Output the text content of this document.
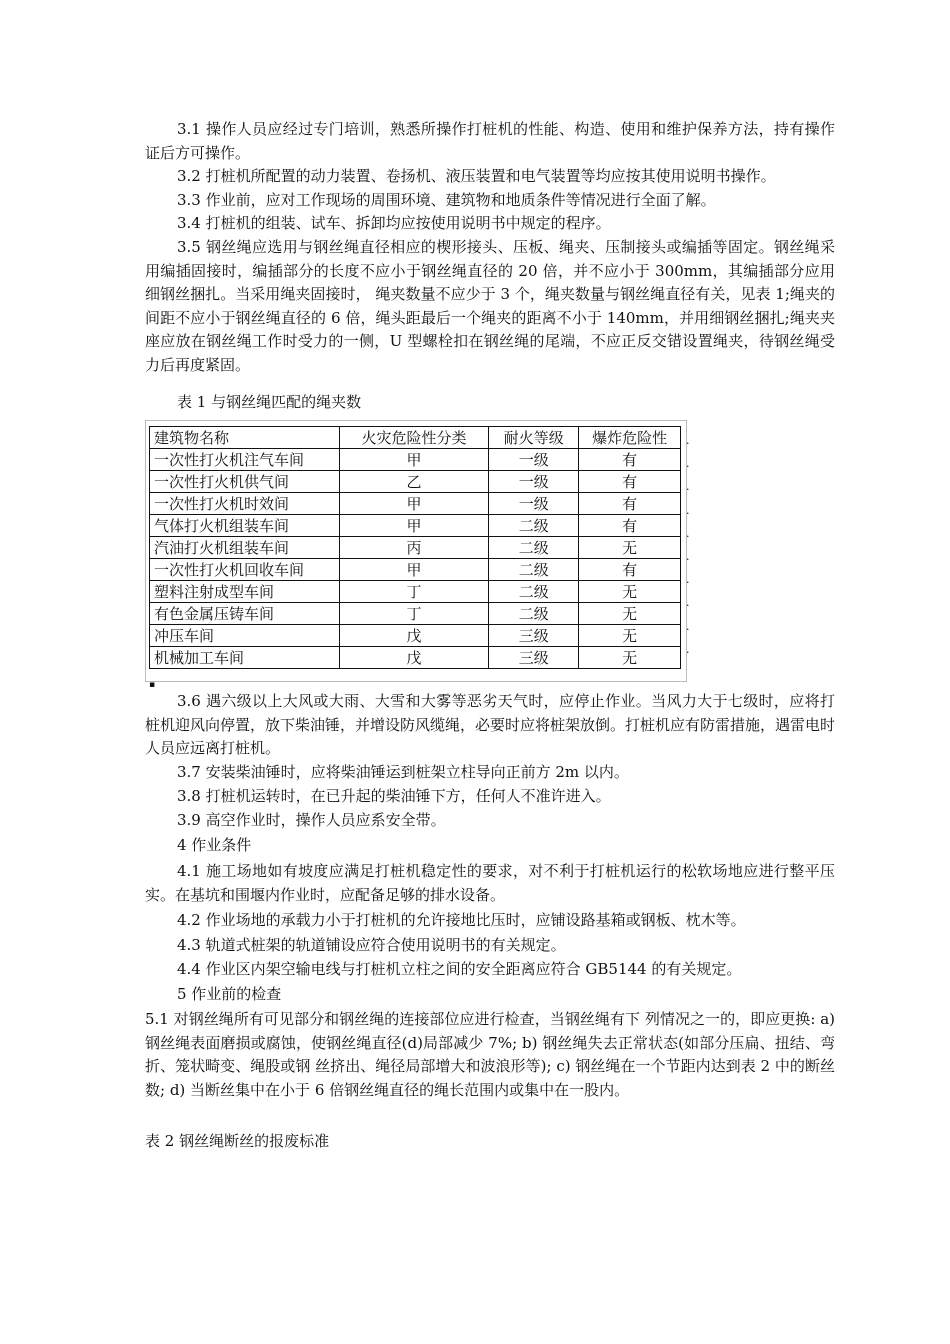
3.1 操作人员应经过专门培训，熟悉所操作打桩机的性能、构造、使用和维护保养方法，持有操作证后方可操作。

3.2 打桩机所配置的动力装置、卷扬机、液压装置和电气装置等均应按其使用说明书操作。

3.3 作业前，应对工作现场的周围环境、建筑物和地质条件等情况进行全面了解。

3.4 打桩机的组装、试车、拆卸均应按使用说明书中规定的程序。

3.5 钢丝绳应选用与钢丝绳直径相应的楔形接头、压板、绳夹、压制接头或编插等固定。钢丝绳采用编插固接时，编插部分的长度不应小于钢丝绳直径的 20 倍，并不应小于 300mm，其编插部分应用细钢丝捆扎。当采用绳夹固接时， 绳夹数量不应少于 3 个，绳夹数量与钢丝绳直径有关，见表 1;绳夹的间距不应小于钢丝绳直径的 6 倍，绳头距最后一个绳夹的距离不小于 140mm，并用细钢丝捆扎;绳夹夹座应放在钢丝绳工作时受力的一侧，U 型螺栓扣在钢丝绳的尾端，不应正反交错设置绳夹，待钢丝绳受力后再度紧固。

表 1 与钢丝绳匹配的绳夹数
建筑物名称	火灾危险性分类	耐火等级	爆炸危险性
一次性打火机注气车间	甲	一级	有
一次性打火机供气间	乙	一级	有
一次性打火机时效间	甲	一级	有
气体打火机组装车间	甲	二级	有
汽油打火机组装车间	丙	二级	无
一次性打火机回收车间	甲	二级	有
塑料注射成型车间	丁	二级	无
有色金属压铸车间	丁	二级	无
冲压车间	戊	三级	无
机械加工车间	戊	三级	无
·
·
·
·
·
·
·
·
·
·
▪

3.6 遇六级以上大风或大雨、大雪和大雾等恶劣天气时，应停止作业。当风力大于七级时，应将打桩机迎风向停置，放下柴油锤，并增设防风缆绳，必要时应将桩架放倒。打桩机应有防雷措施，遇雷电时人员应远离打桩机。

3.7 安装柴油锤时，应将柴油锤运到桩架立柱导向正前方 2m 以内。

3.8 打桩机运转时，在已升起的柴油锤下方，任何人不准许进入。

3.9 高空作业时，操作人员应系安全带。

4 作业条件

4.1 施工场地如有坡度应满足打桩机稳定性的要求，对不利于打桩机运行的松软场地应进行整平压实。在基坑和围堰内作业时，应配备足够的排水设备。

4.2 作业场地的承载力小于打桩机的允许接地比压时，应铺设路基箱或钢板、枕木等。

4.3 轨道式桩架的轨道铺设应符合使用说明书的有关规定。

4.4 作业区内架空输电线与打桩机立柱之间的安全距离应符合 GB5144 的有关规定。

5 作业前的检查

5.1 对钢丝绳所有可见部分和钢丝绳的连接部位应进行检查，当钢丝绳有下 列情况之一的，即应更换: a) 钢丝绳表面磨损或腐蚀，使钢丝绳直径(d)局部减少 7%; b) 钢丝绳失去正常状态(如部分压扁、扭结、弯折、笼状畸变、绳股或钢 丝挤出、绳径局部增大和波浪形等); c) 钢丝绳在一个节距内达到表 2 中的断丝数; d) 当断丝集中在小于 6 倍钢丝绳直径的绳长范围内或集中在一股内。

表 2 钢丝绳断丝的报废标准
